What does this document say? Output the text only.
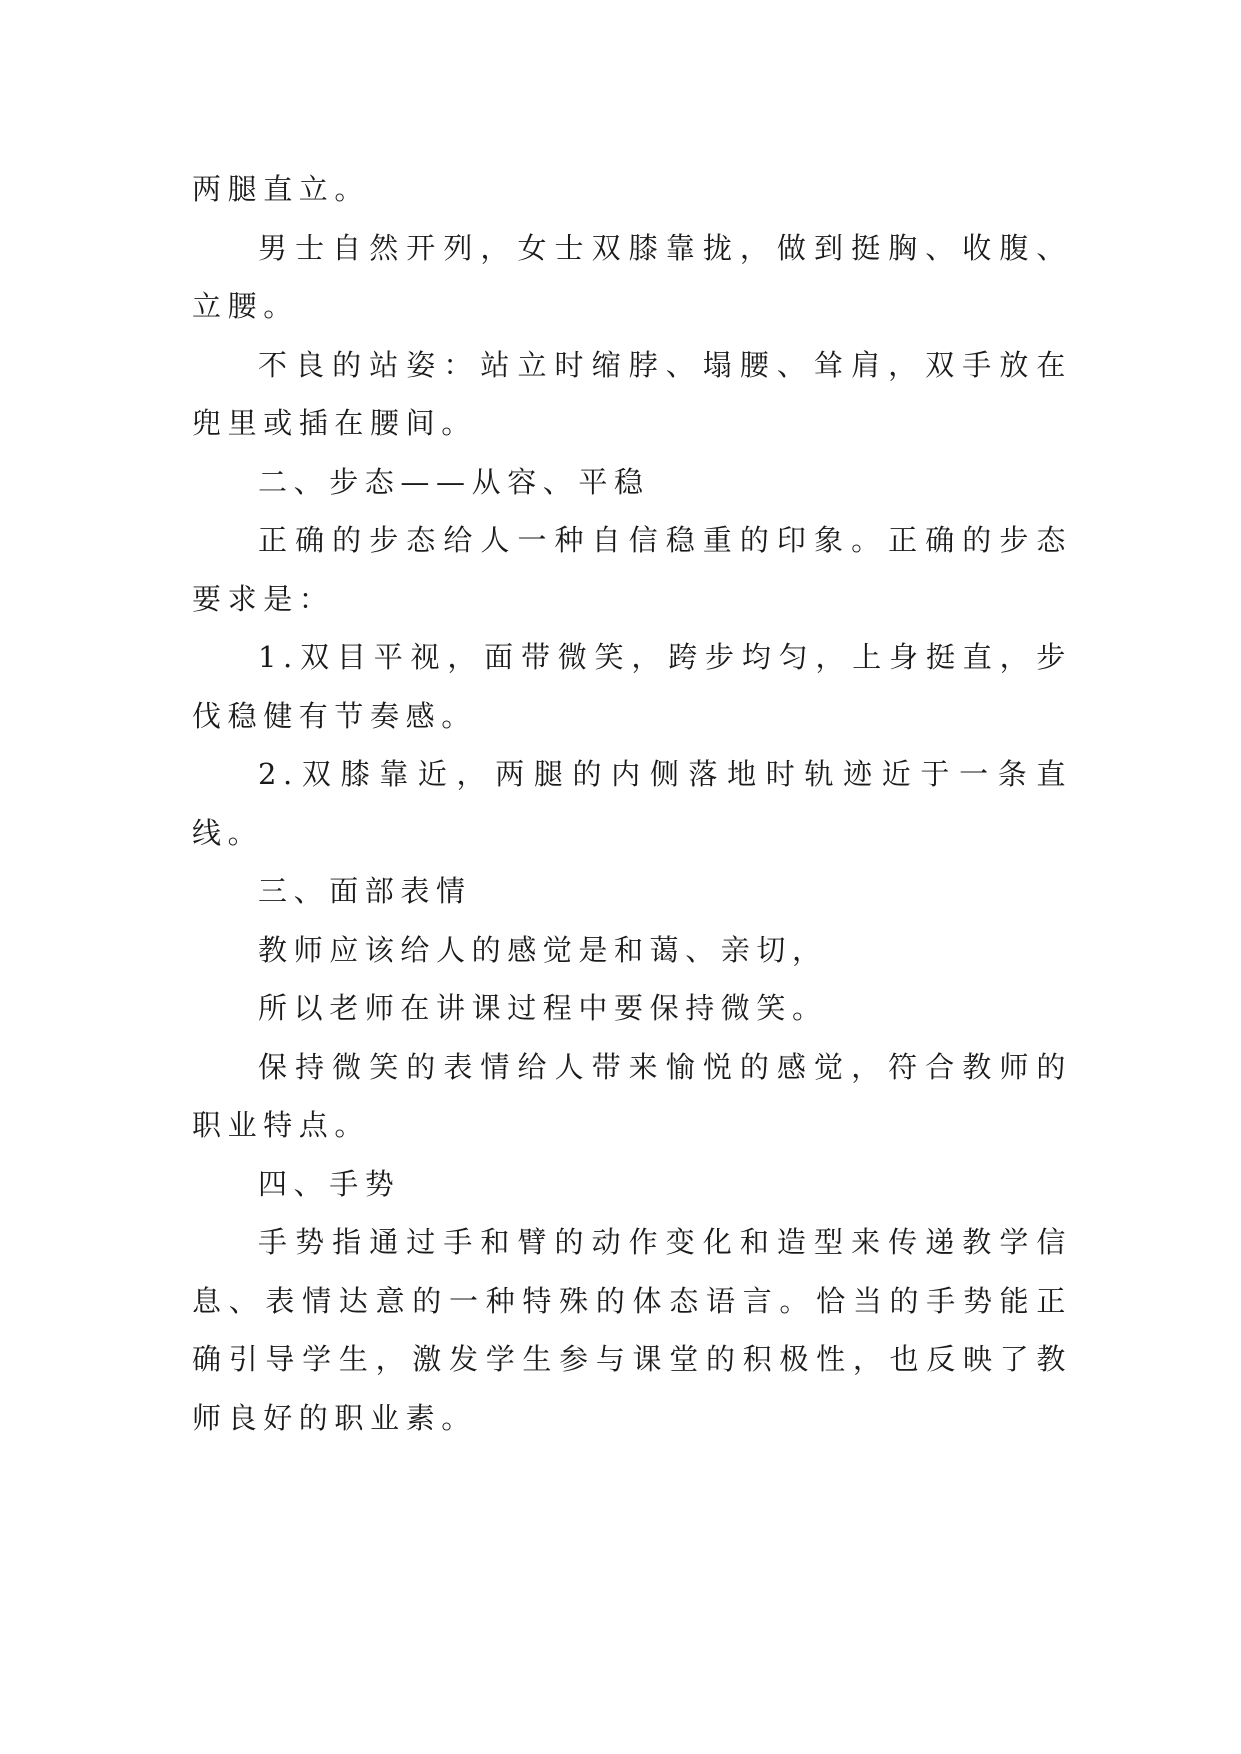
两腿直立。

男士自然开列，女士双膝靠拢，做到挺胸、收腹、立腰。

不良的站姿：站立时缩脖、塌腰、耸肩，双手放在兜里或插在腰间。

二、步态——从容、平稳

正确的步态给人一种自信稳重的印象。正确的步态要求是：

1.双目平视，面带微笑，跨步均匀，上身挺直，步伐稳健有节奏感。

2.双膝靠近，两腿的内侧落地时轨迹近于一条直线。

三、面部表情

教师应该给人的感觉是和蔼、亲切，

所以老师在讲课过程中要保持微笑。

保持微笑的表情给人带来愉悦的感觉，符合教师的职业特点。

四、手势

手势指通过手和臂的动作变化和造型来传递教学信息、表情达意的一种特殊的体态语言。恰当的手势能正确引导学生，激发学生参与课堂的积极性，也反映了教师良好的职业素。
